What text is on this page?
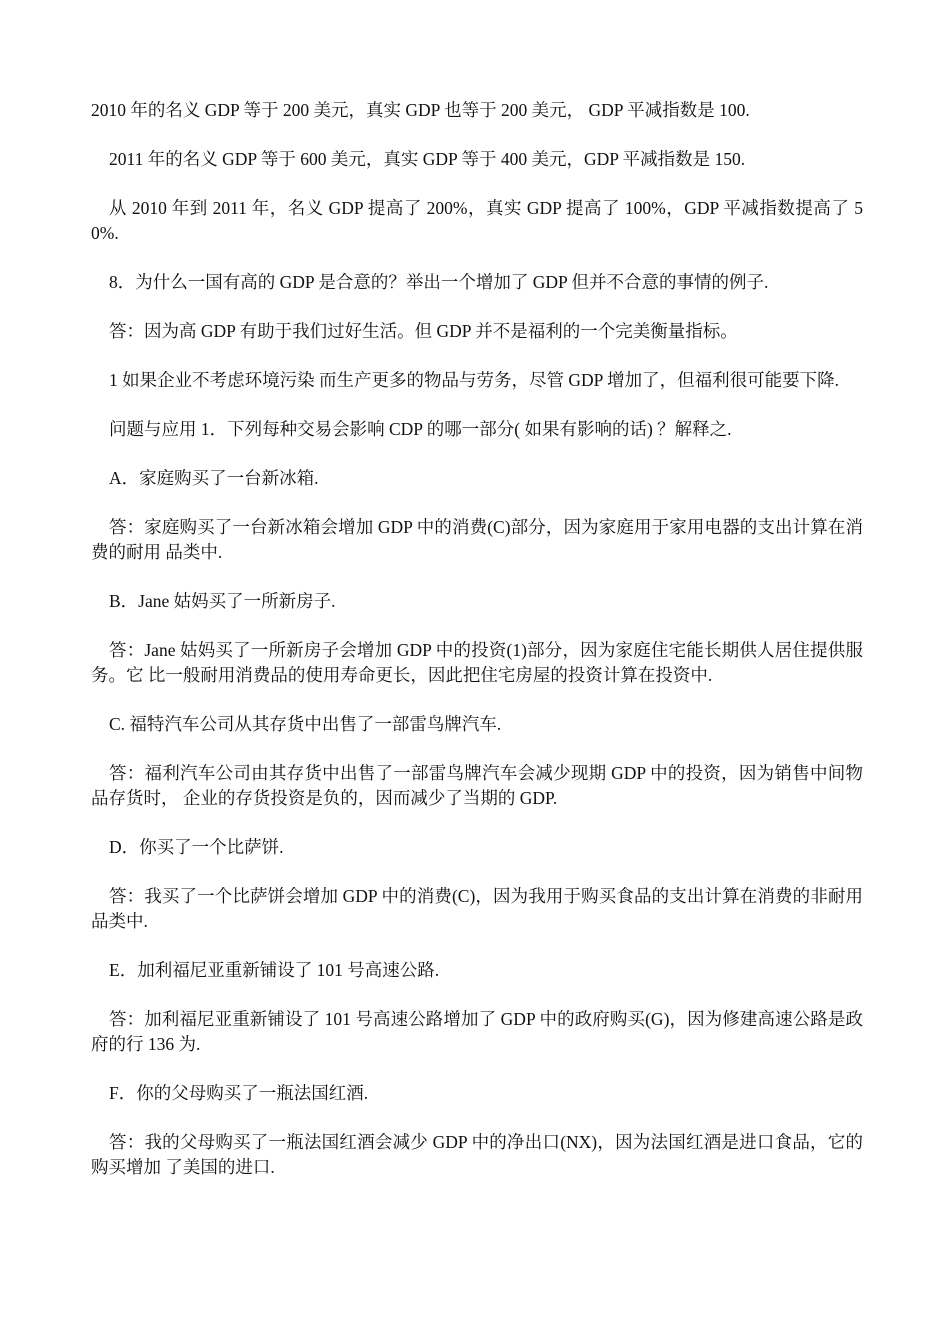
2010 年的名义 GDP 等于 200 美元，真实 GDP 也等于 200 美元， GDP 平减指数是 100.

2011 年的名义 GDP 等于 600 美元，真实 GDP 等于 400 美元，GDP 平减指数是 150.

从 2010 年到 2011 年，名义 GDP 提高了 200%，真实 GDP 提高了 100%，GDP 平减指数提高了 50%.

8．为什么一国有高的 GDP 是合意的？举出一个增加了 GDP 但并不合意的事情的例子.

答：因为高 GDP 有助于我们过好生活。但 GDP 并不是福利的一个完美衡量指标。

1 如果企业不考虑环境污染 而生产更多的物品与劳务，尽管 GDP 增加了，但福利很可能要下降.

问题与应用 1．下列每种交易会影响 CDP 的哪一部分( 如果有影响的话) ？解释之.

A．家庭购买了一台新冰箱.

答：家庭购买了一台新冰箱会增加 GDP 中的消费(C)部分，因为家庭用于家用电器的支出计算在消费的耐用 品类中.

B．Jane 姑妈买了一所新房子.

答：Jane 姑妈买了一所新房子会增加 GDP 中的投资(1)部分，因为家庭住宅能长期供人居住提供服务。它 比一般耐用消费品的使用寿命更长，因此把住宅房屋的投资计算在投资中.

C. 福特汽车公司从其存货中出售了一部雷鸟牌汽车.

答：福利汽车公司由其存货中出售了一部雷鸟牌汽车会减少现期 GDP 中的投资，因为销售中间物品存货时， 企业的存货投资是负的，因而减少了当期的 GDP.

D．你买了一个比萨饼.

答：我买了一个比萨饼会增加 GDP 中的消费(C)，因为我用于购买食品的支出计算在消费的非耐用品类中.

E．加利福尼亚重新铺设了 101 号高速公路.

答：加利福尼亚重新铺设了 101 号高速公路增加了 GDP 中的政府购买(G)，因为修建高速公路是政府的行 136 为.

F．你的父母购买了一瓶法国红酒.

答：我的父母购买了一瓶法国红酒会减少 GDP 中的净出口(NX)，因为法国红酒是进口食品，它的购买增加 了美国的进口.
